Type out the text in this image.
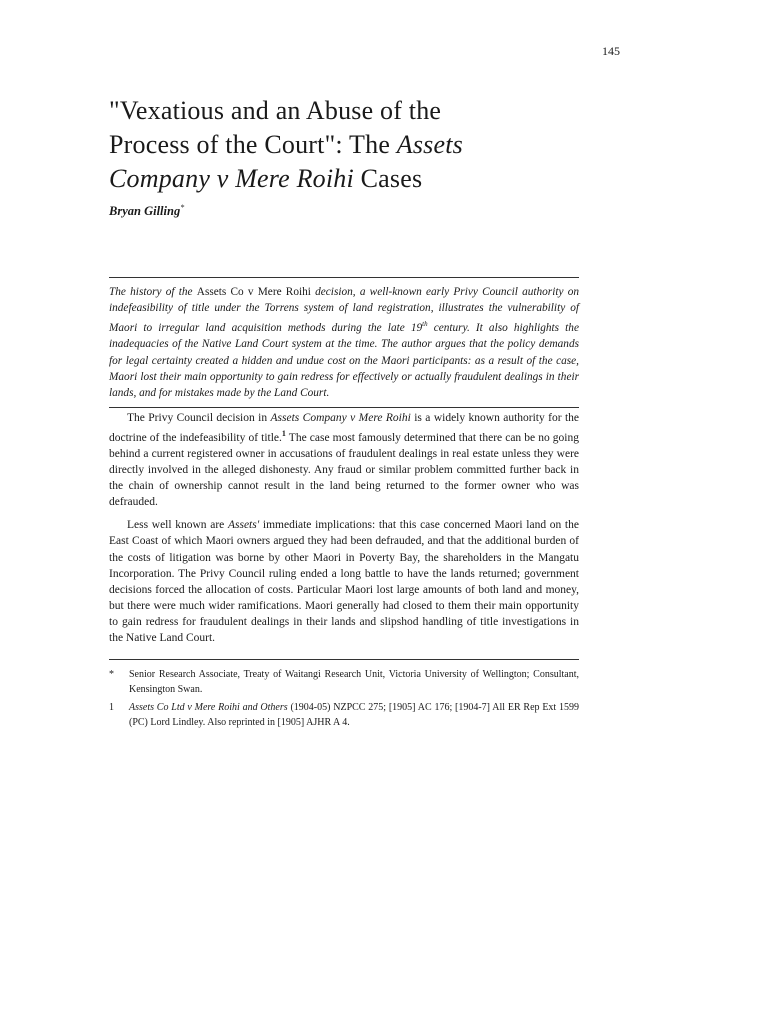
145
"Vexatious and an Abuse of the
Process of the Court": The Assets
Company v Mere Roihi Cases
Bryan Gilling*
The history of the Assets Co v Mere Roihi decision, a well-known early Privy Council authority on indefeasibility of title under the Torrens system of land registration, illustrates the vulnerability of Maori to irregular land acquisition methods during the late 19th century. It also highlights the inadequacies of the Native Land Court system at the time. The author argues that the policy demands for legal certainty created a hidden and undue cost on the Maori participants: as a result of the case, Maori lost their main opportunity to gain redress for effectively or actually fraudulent dealings in their lands, and for mistakes made by the Land Court.

The Privy Council decision in Assets Company v Mere Roihi is a widely known authority for the doctrine of the indefeasibility of title.$^1$ The case most famously determined that there can be no going behind a current registered owner in accusations of fraudulent dealings in real estate unless they were directly involved in the alleged dishonesty. Any fraud or similar problem committed further back in the chain of ownership cannot result in the land being returned to the former owner who was defrauded.

Less well known are Assets' immediate implications: that this case concerned Maori land on the East Coast of which Maori owners argued they had been defrauded, and that the additional burden of the costs of litigation was borne by other Maori in Poverty Bay, the shareholders in the Mangatu Incorporation. The Privy Council ruling ended a long battle to have the lands returned; government decisions forced the allocation of costs. Particular Maori lost large amounts of both land and money, but there were much wider ramifications. Maori generally had closed to them their main opportunity to gain redress for fraudulent dealings in their lands and slipshod handling of title investigations in the Native Land Court.

*	Senior Research Associate, Treaty of Waitangi Research Unit, Victoria University of Wellington; Consultant, Kensington Swan.
1	Assets Co Ltd v Mere Roihi and Others (1904-05) NZPCC 275; [1905] AC 176; [1904-7] All ER Rep Ext 1599 (PC) Lord Lindley. Also reprinted in [1905] AJHR A 4.
